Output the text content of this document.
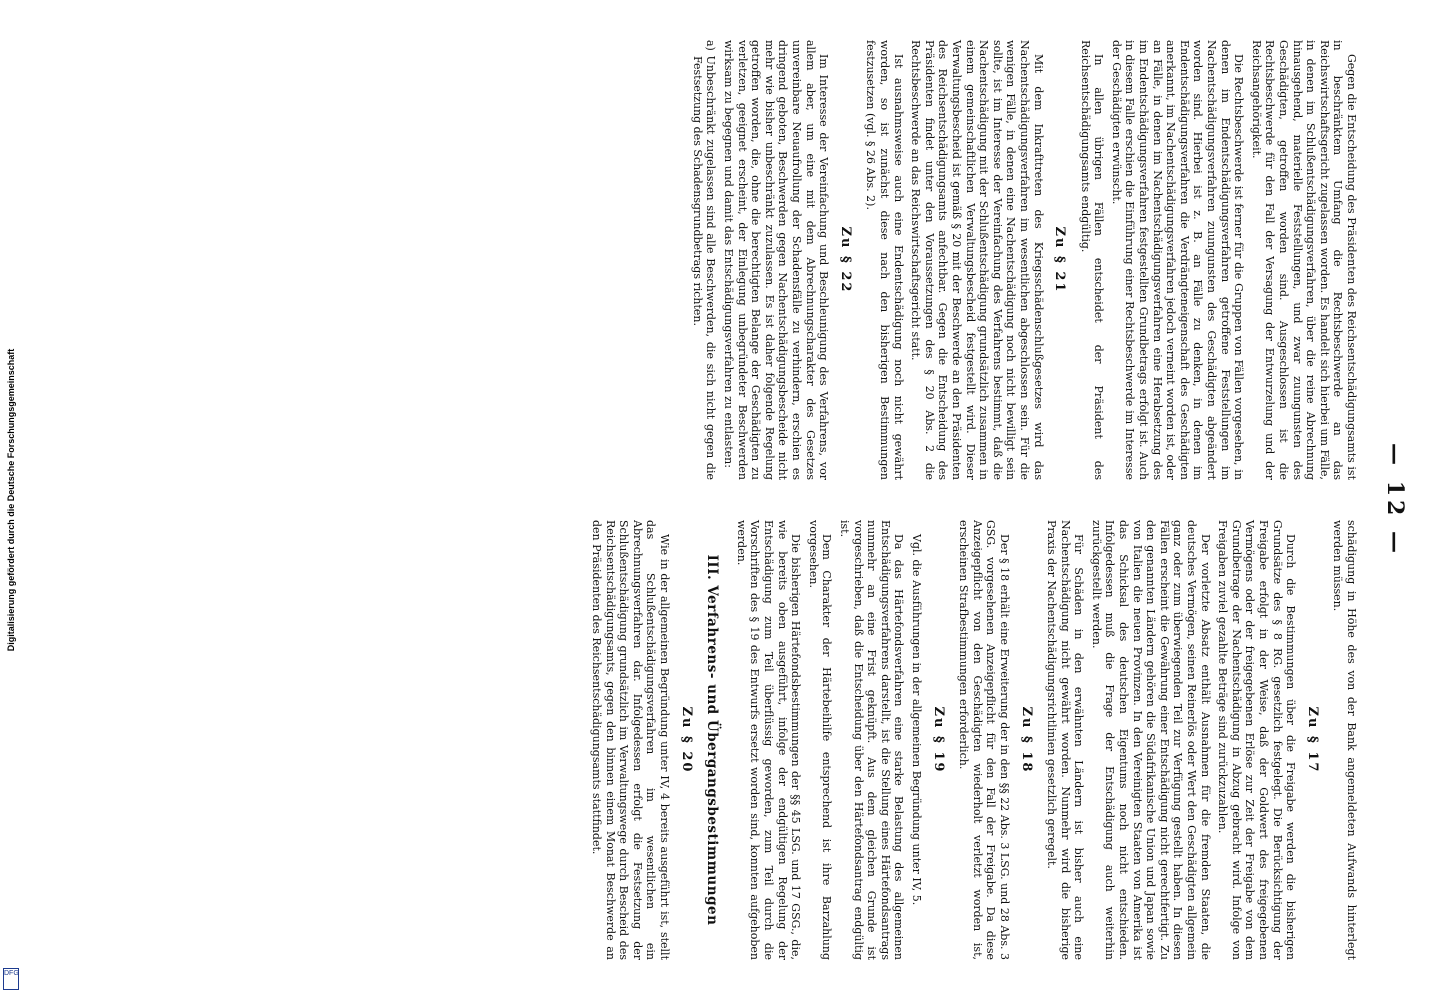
Digitalisierung gefördert durch die Deutsche Forschungsgemeinschaft
DFG
— 12 —

schädigung in Höhe des von der Bank angemeldeten Aufwands hinterlegt werden müssen.

Zu § 17

Durch die Bestimmungen über die Freigabe werden die bisherigen Grundsätze des § 8 RG. gesetzlich festgelegt. Die Berücksichtigung der Freigabe erfolgt in der Weise, daß der Goldwert des freigegebenen Vermögens oder der freigegebenen Erlöse zur Zeit der Freigabe von dem Grundbetrage der Nachentschädigung in Abzug gebracht wird. Infolge von Freigaben zuviel gezahlte Beträge sind zurückzuzahlen.

Der vorletzte Absatz enthält Ausnahmen für die fremden Staaten, die deutsches Vermögen, seinen Reinerlös oder Wert den Geschädigten allgemein ganz oder zum überwiegenden Teil zur Verfügung gestellt haben. In diesen Fällen erscheint die Gewährung einer Entschädigung nicht gerechtfertigt. Zu den genannten Ländern gehören die Südafrikanische Union und Japan sowie von Italien die neuen Provinzen. In den Vereinigten Staaten von Amerika ist das Schicksal des deutschen Eigentums noch nicht entschieden. Infolgedessen muß die Frage der Entschädigung auch weiterhin zurückgestellt werden.

Für Schäden in den erwähnten Ländern ist bisher auch eine Nachentschädigung nicht gewährt worden. Nunmehr wird die bisherige Praxis der Nachentschädigungsrichtlinien gesetzlich geregelt.

Zu § 18

Der § 18 erhält eine Erweiterung der in den §§ 22 Abs. 3 LSG. und 28 Abs. 3 GSG. vorgesehenen Anzeigepflicht für den Fall der Freigabe. Da diese Anzeigepflicht von den Geschädigten wiederholt verletzt worden ist, erscheinen Strafbestimmungen erforderlich.

Zu § 19

Vgl. die Ausführungen in der allgemeinen Begründung unter IV, 5.

Da das Härtefondsverfahren eine starke Belastung des allgemeinen Entschädigungsverfahrens darstellt, ist die Stellung eines Härtefondsantrags nunmehr an eine Frist geknüpft. Aus dem gleichen Grunde ist vorgeschrieben, daß die Entscheidung über den Härtefondsantrag endgültig ist.

Dem Charakter der Härtebeihilfe entsprechend ist ihre Barzahlung vorgesehen.

Die bisherigen Härtefondsbestimmungen der §§ 45 LSG. und 17 GSG., die, wie bereits oben ausgeführt, infolge der endgültigen Regelung der Entschädigung zum Teil überflüssig geworden, zum Teil durch die Vorschriften des § 19 des Entwurfs ersetzt worden sind, konnten aufgehoben werden.

III. Verfahrens- und Übergangsbestimmungen
Zu § 20

Wie in der allgemeinen Begründung unter IV, 4 bereits ausgeführt ist, stellt das Schlußentschädigungsverfahren im wesentlichen ein Abrechnungsverfahren dar. Infolgedessen erfolgt die Festsetzung der Schlußentschädigung grundsätzlich im Verwaltungswege durch Bescheid des Reichsentschädigungsamts, gegen den binnen einem Monat Beschwerde an den Präsidenten des Reichsentschädigungsamts stattfindet.

Gegen die Entscheidung des Präsidenten des Reichsentschädigungsamts ist in beschränktem Umfang die Rechtsbeschwerde an das Reichswirtschaftsgericht zugelassen worden. Es handelt sich hierbei um Fälle, in denen im Schlußentschädigungsverfahren, über die reine Abrechnung hinausgehend, materielle Feststellungen, und zwar zuungunsten des Geschädigten, getroffen worden sind. Ausgeschlossen ist die Rechtsbeschwerde für den Fall der Versagung der Entwurzelung und der Reichsangehörigkeit.

Die Rechtsbeschwerde ist ferner für die Gruppen von Fällen vorgesehen, in denen im Endentschädigungsverfahren getroffene Feststellungen im Nachentschädigungsverfahren zuungunsten des Geschädigten abgeändert worden sind. Hierbei ist z. B. an Fälle zu denken, in denen im Endentschädigungsverfahren die Verdrängteneigenschaft des Geschädigten anerkannt, im Nachentschädigungsverfahren jedoch verneint worden ist, oder an Fälle, in denen im Nachentschädigungsverfahren eine Herabsetzung des im Endentschädigungsverfahren festgestellten Grundbetrags erfolgt ist. Auch in diesem Falle erschien die Einführung einer Rechtsbeschwerde im Interesse der Geschädigten erwünscht.

In allen übrigen Fällen entscheidet der Präsident des Reichsentschädigungsamts endgültig.

Zu § 21

Mit dem Inkrafttreten des Kriegsschädenschlußgesetzes wird das Nachentschädigungsverfahren im wesentlichen abgeschlossen sein. Für die wenigen Fälle, in denen eine Nachentschädigung noch nicht bewilligt sein sollte, ist im Interesse der Vereinfachung des Verfahrens bestimmt, daß die Nachentschädigung mit der Schlußentschädigung grundsätzlich zusammen in einem gemeinschaftlichen Verwaltungsbescheid festgestellt wird. Dieser Verwaltungsbescheid ist gemäß § 20 mit der Beschwerde an den Präsidenten des Reichsentschädigungsamts anfechtbar. Gegen die Entscheidung des Präsidenten findet unter den Voraussetzungen des § 20 Abs. 2 die Rechtsbeschwerde an das Reichswirtschaftsgericht statt.

Ist ausnahmsweise auch eine Endentschädigung noch nicht gewährt worden, so ist zunächst diese nach den bisherigen Bestimmungen festzusetzen (vgl. § 26 Abs. 2).

Zu § 22

Im Interesse der Vereinfachung und Beschleunigung des Verfahrens, vor allem aber, um eine mit dem Abrechnungscharakter des Gesetzes unvereinbare Neuaufrollung der Schadensfälle zu verhindern, erschien es dringend geboten, Beschwerden gegen Nachentschädigungsbescheide nicht mehr wie bisher unbeschränkt zuzulassen. Es ist daher folgende Regelung getroffen worden, die, ohne die berechtigten Belange der Geschädigten zu verletzen, geeignet erscheint, der Einlegung unbegründeter Beschwerden wirksam zu begegnen und damit das Entschädigungsverfahren zu entlasten:

a) Unbeschränkt zugelassen sind alle Beschwerden, die sich nicht gegen die Festsetzung des Schadensgrundbetrags richten.
